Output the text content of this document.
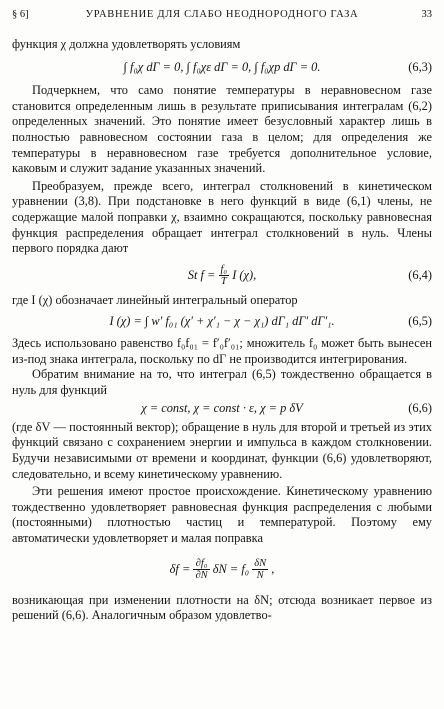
§ 6]	УРАВНЕНИЕ ДЛЯ СЛАБО НЕОДНОРОДНОГО ГАЗА	33

функция χ должна удовлетворять условиям

∫ f₀χ dΓ = 0, ∫ f₀χε dΓ = 0, ∫ f₀χp dΓ = 0.	(6,3)

Подчеркнем, что само понятие температуры в неравновесном газе становится определенным лишь в результате приписывания интегралам (6,2) определенных значений. Это понятие имеет безусловный характер лишь в полностью равновесном состоянии газа в целом; для определения же температуры в неравновесном газе требуется дополнительное условие, каковым и служит задание указанных значений.

Преобразуем, прежде всего, интеграл столкновений в кинетическом уравнении (3,8). При подстановке в него функций в виде (6,1) члены, не содержащие малой поправки χ, взаимно сокращаются, поскольку равновесная функция распределения обращает интеграл столкновений в нуль. Члены первого порядка дают

St $f = \frac{\text{f₀}}{T}$ I (χ),	(6,4)

где I (χ) обозначает линейный интегральный оператор

I (χ) = ∫ w′ f₀₁ (χ′ + χ′₁ − χ − χ₁) dΓ₁ dΓ′ dΓ′₁.	(6,5)

Здесь использовано равенство f₀f₀₁ = f′₀f′₀₁; множитель f₀ может быть вынесен из-под знака интеграла, поскольку по dΓ не производится интегрирования.

Обратим внимание на то, что интеграл (6,5) тождественно обращается в нуль для функций

χ = const, χ = const · ε, χ = p δV	(6,6)

(где δV — постоянный вектор); обращение в нуль для второй и третьей из этих функций связано с сохранением энергии и импульса в каждом столкновении. Будучи независимыми от времени и координат, функции (6,6) удовлетворяют, следовательно, и всему кинетическому уравнению.

Эти решения имеют простое происхождение. Кинетическому уравнению тождественно удовлетворяет равновесная функция распределения с любыми (постоянными) плотностью частиц и температурой. Поэтому ему автоматически удовлетворяет и малая поправка

$\delta f = \frac{\text{∂f₀}}{\partial N}$ $\delta N = f_0 \frac{\delta N}{N}$ ,

возникающая при изменении плотности на δN; отсюда возникает первое из решений (6,6). Аналогичным образом удовлетво-
